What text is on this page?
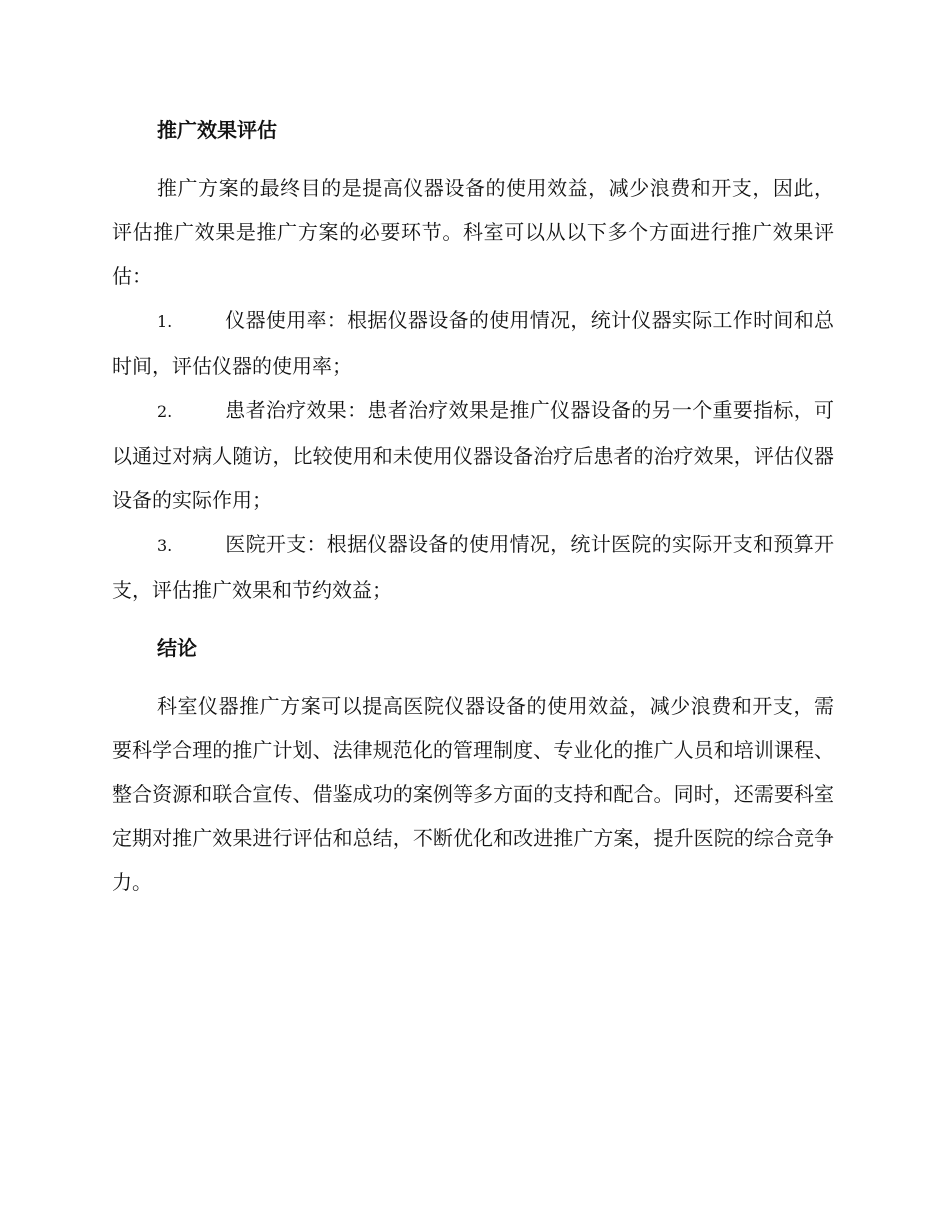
推广效果评估

推广方案的最终目的是提高仪器设备的使用效益，减少浪费和开支，因此，评估推广效果是推广方案的必要环节。科室可以从以下多个方面进行推广效果评估：

1.	仪器使用率：根据仪器设备的使用情况，统计仪器实际工作时间和总时间，评估仪器的使用率；

2.	患者治疗效果：患者治疗效果是推广仪器设备的另一个重要指标，可以通过对病人随访，比较使用和未使用仪器设备治疗后患者的治疗效果，评估仪器设备的实际作用；

3.	医院开支：根据仪器设备的使用情况，统计医院的实际开支和预算开支，评估推广效果和节约效益；

结论

科室仪器推广方案可以提高医院仪器设备的使用效益，减少浪费和开支，需要科学合理的推广计划、法律规范化的管理制度、专业化的推广人员和培训课程、整合资源和联合宣传、借鉴成功的案例等多方面的支持和配合。同时，还需要科室定期对推广效果进行评估和总结，不断优化和改进推广方案，提升医院的综合竞争力。
